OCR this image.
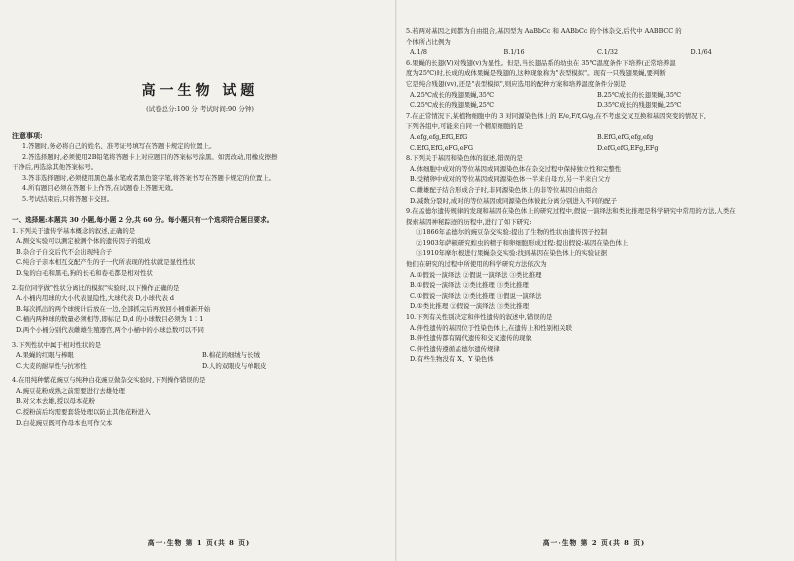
高一生物 试题
(试卷总分:100 分 考试时间:90 分钟)
注意事项:
1.答题时,务必将自己的姓名、准考证号填写在答题卡规定的位置上。
2.答选择题时,必须使用2B铅笔将答题卡上对应题目的答案标号涂黑。如需改动,用橡皮擦擦
干净后,再选涂其他答案标号。
3.答非选择题时,必须使用黑色墨水笔或者黑色签字笔,将答案书写在答题卡规定的位置上。
4.所有题目必须在答题卡上作答,在试题卷上答题无效。
5.考试结束后,只将答题卡交回。
一、选择题:本题共 30 小题,每小题 2 分,共 60 分。每小题只有一个选项符合题目要求。
1.下列关于遗传学基本概念的叙述,正确的是
A.测交实验可以测定被测个体的遗传因子的组成
B.杂合子自交后代不会出现纯合子
C.纯合子亲本相互交配产生的子一代所表现的性状就是显性性状
D.兔的白毛和黑毛,狗的长毛和卷毛都是相对性状
2.有位同学做"性状分离比的模拟"实验时,以下操作正确的是
A.小桶内用球的大小代表显隐性,大球代表 D,小球代表 d
B.每次抓出的两个球统计后放在一边,全部抓完后再放回小桶重新开始
C.桶内两种球的数量必须相等,即标记 D,d 的小球数目必须为 1∶1
D.两个小桶分别代表雌雄生殖器官,两个小桶中的小球总数可以不同
3.下列性状中属于相对性状的是
A.果蝇的红眼与棒眼	B.棉花的细绒与长绒
C.大麦的耐旱性与抗寒性	D.人的双眼皮与单眼皮
4.在用纯种紫花豌豆与纯种白花豌豆做杂交实验时,下列操作错误的是
A.豌豆花粉成熟之前需要进行去雄处理
B.对父本去雄,授以母本花粉
C.授粉前后均需要套袋处理以防止其他花粉进入
D.白花豌豆既可作母本也可作父本
高一·生物 第 1 页(共 8 页)
5.若两对基因之间都为自由组合,基因型为 AaBbCc 和 AABbCc 的个体杂交,后代中 AABBCC 的
个体所占比例为
A.1/8	B.1/16	C.1/32	D.1/64
6.果蝇的长翅(V)对残翅(v)为显性。但是,当长翅品系的幼虫在 35℃温度条件下培养(正常培养温
度为25℃)时,长成的成体果蝇是残翅的,这种现象称为"表型模拟"。现有一只残翅果蝇,要判断
它是纯合残翅(vv),还是"表型模拟",则应选用的配种方案和培养温度条件分别是
A.25℃成长的残翅果蝇,35℃	B.25℃成长的长翅果蝇,35℃
C.25℃成长的残翅果蝇,25℃	D.35℃成长的残翅果蝇,25℃
7.在正常情况下,某植物细胞中的 3 对同源染色体上的 E/e,F/f,G/g,在不考虑交叉互换和基因突变的情况下,
下列各组中,可能来自同一个精原细胞的是
A.efg,efg,EfG,EfG	B.EfG,efG,efg,efg
C.EfG,EfG,eFG,eFG	D.efG,efG,EFg,EFg
8.下列关于基因和染色体的叙述,错误的是
A.体细胞中成对的等位基因或同源染色体在杂交过程中保持独立性和完整性
B.受精卵中成对的等位基因或同源染色体一半来自母方,另一半来自父方
C.雌雄配子结合形成合子时,非同源染色体上的非等位基因自由组合
D.减数分裂时,成对的等位基因或同源染色体彼此分离分别进入不同的配子
9.在孟德尔遗传规律的发现和基因在染色体上的研究过程中,假说一演绎法和类比推理是科学研究中常用的方法,人类在
探索基因神秘踪迹的历程中,进行了如下研究:
①1866年孟德尔的豌豆杂交实验:提出了生物的性状由遗传因子控制
②1903年萨顿研究蝗虫的精子和卵细胞形成过程:提出假说:基因在染色体上
③1910年摩尔根进行果蝇杂交实验:找到基因在染色体上的实验证据
他们在研究的过程中所使用的科学研究方法依次为
A.①假说一演绎法 ②假说一演绎法 ③类比推理
B.①假说一演绎法 ②类比推理 ③类比推理
C.①假说一演绎法 ②类比推理 ③假说一演绎法
D.①类比推理 ②假说一演绎法 ③类比推理
10.下列有关性别决定和伴性遗传的叙述中,错误的是
A.伴性遗传的基因位于性染色体上,在遗传上和性别相关联
B.伴性遗传都有隔代遗传和交叉遗传的现象
C.伴性遗传遵循孟德尔遗传规律
D.有些生物没有 X、Y 染色体
高一·生物 第 2 页(共 8 页)
